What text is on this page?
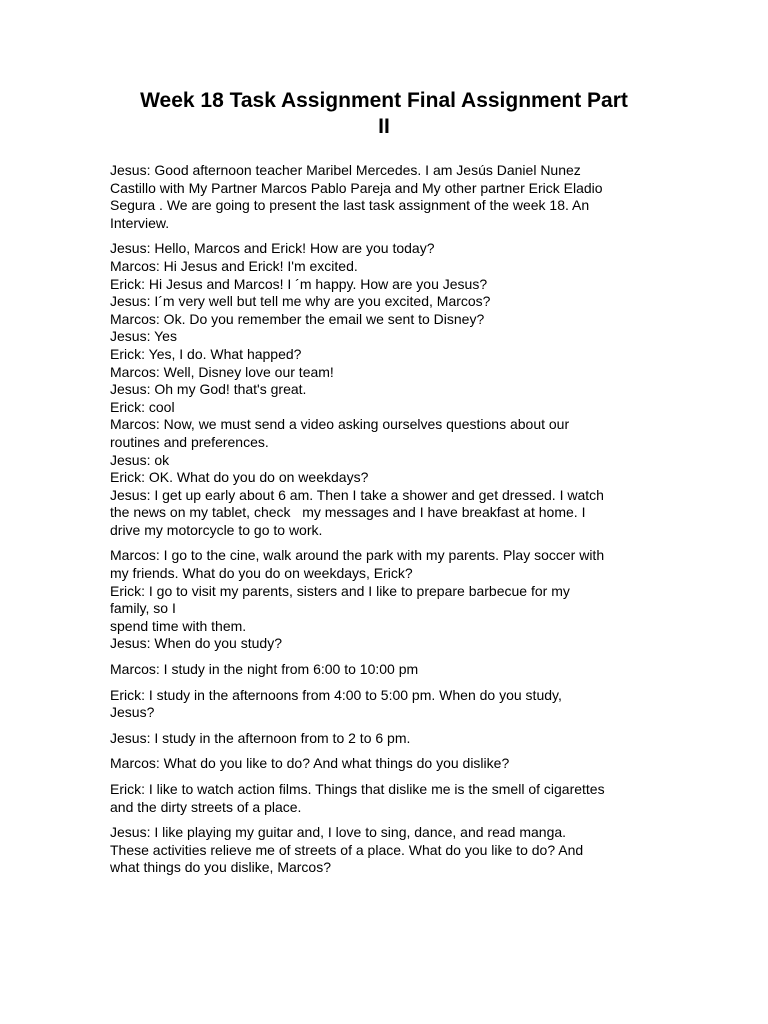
Week 18 Task Assignment Final Assignment Part
II

Jesus: Good afternoon teacher Maribel Mercedes. I am Jesús Daniel Nunez
Castillo with My Partner Marcos Pablo Pareja and My other partner Erick Eladio
Segura . We are going to present the last task assignment of the week 18. An
Interview.

Jesus: Hello, Marcos and Erick! How are you today?
Marcos: Hi Jesus and Erick! I'm excited.
Erick: Hi Jesus and Marcos! I ´m happy. How are you Jesus?
Jesus: I´m very well but tell me why are you excited, Marcos?
Marcos: Ok. Do you remember the email we sent to Disney?
Jesus: Yes
Erick: Yes, I do. What happed?
Marcos: Well, Disney love our team!
Jesus: Oh my God! that's great.
Erick: cool
Marcos: Now, we must send a video asking ourselves questions about our
routines and preferences.
Jesus: ok
Erick: OK. What do you do on weekdays?
Jesus: I get up early about 6 am. Then I take a shower and get dressed. I watch
the news on my tablet, check   my messages and I have breakfast at home. I
drive my motorcycle to go to work.

Marcos: I go to the cine, walk around the park with my parents. Play soccer with
my friends. What do you do on weekdays, Erick?
Erick: I go to visit my parents, sisters and I like to prepare barbecue for my
family, so I
spend time with them.
Jesus: When do you study?

Marcos: I study in the night from 6:00 to 10:00 pm

Erick: I study in the afternoons from 4:00 to 5:00 pm. When do you study,
Jesus?

Jesus: I study in the afternoon from to 2 to 6 pm.

Marcos: What do you like to do? And what things do you dislike?

Erick: I like to watch action films. Things that dislike me is the smell of cigarettes
and the dirty streets of a place.

Jesus: I like playing my guitar and, I love to sing, dance, and read manga.
These activities relieve me of streets of a place. What do you like to do? And
what things do you dislike, Marcos?
